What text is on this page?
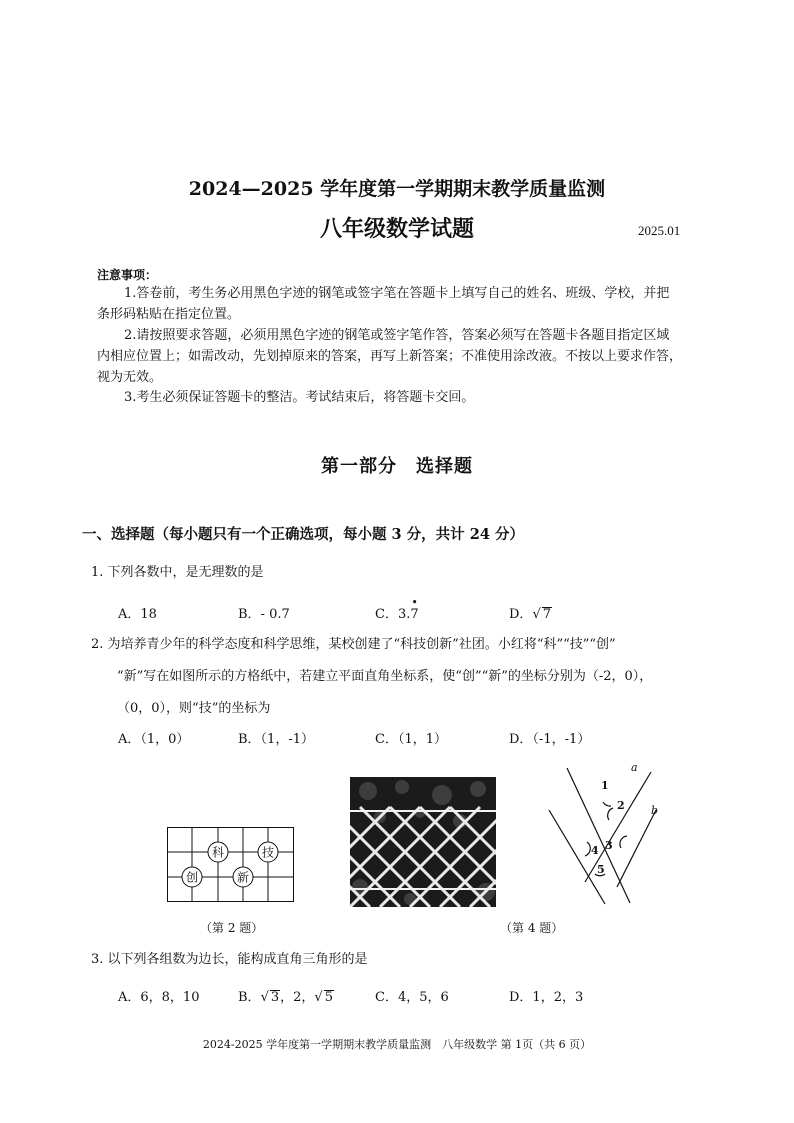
2024—2025 学年度第一学期期末教学质量监测
八年级数学试题	2025.01
注意事项：
1.答卷前，考生务必用黑色字迹的钢笔或签字笔在答题卡上填写自己的姓名、班级、学校，并把
条形码粘贴在指定位置。
2.请按照要求答题，必须用黑色字迹的钢笔或签字笔作答，答案必须写在答题卡各题目指定区域
内相应位置上；如需改动，先划掉原来的答案，再写上新答案；不准使用涂改液。不按以上要求作答，
视为无效。
3.考生必须保证答题卡的整洁。考试结束后，将答题卡交回。
第一部分　选择题
一、选择题（每小题只有一个正确选项，每小题 3 分，共计 24 分）
1. 下列各数中，是无理数的是
A．18	B．- 0.7	C．3.• 7	D．√ 7
2. 为培养青少年的科学态度和科学思维，某校创建了“科技创新”社团。小红将“科”“技”“创”
“新”写在如图所示的方格纸中，若建立平面直角坐标系，使“创”“新”的坐标分别为（-2，0），
（0，0），则“技”的坐标为
A．（1，0）	B．（1，-1）	C．（1，1）	D．（-1，-1）
科	技
创	新
（第 2 题）
1
2
3
4
5
a
b
（第 4 题）
3. 以下列各组数为边长，能构成直角三角形的是
A．6，8，10	B．√ 3，2，√ 5	C．4，5，6	D．1，2，3
2024-2025 学年度第一学期期末教学质量监测　八年级数学 第 1页（共 6 页）
